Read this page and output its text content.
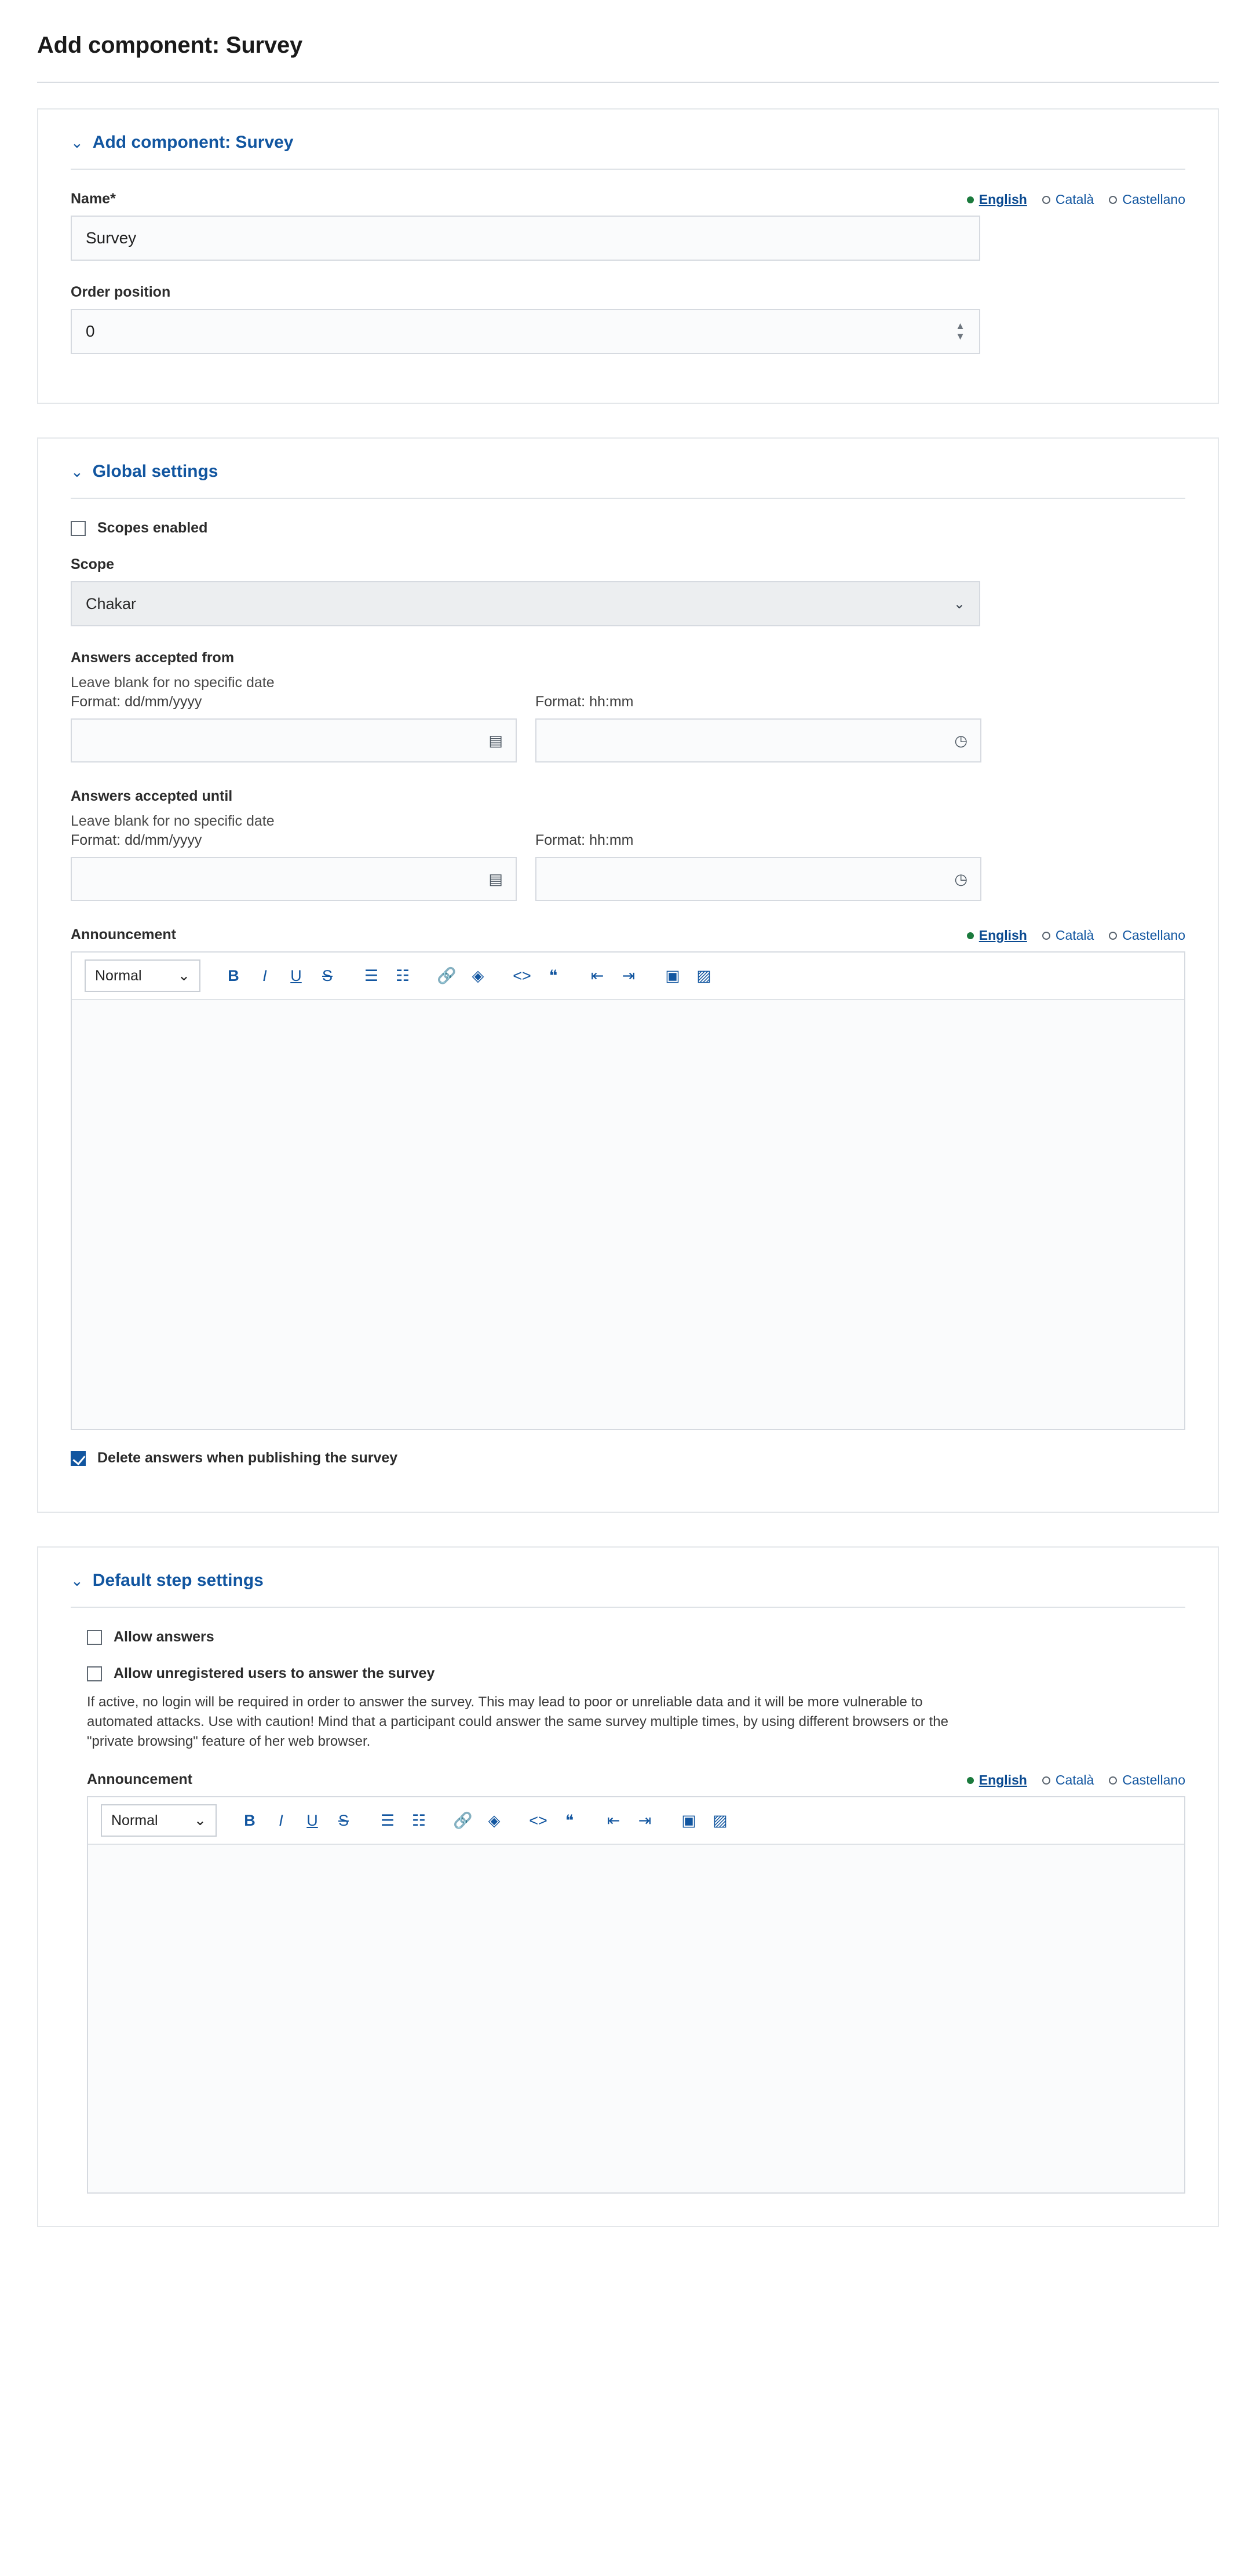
Add component: Survey
⌄ Add component: Survey
Name*	English Català Castellano
Survey
Order position
0	▲
▼
⌄ Global settings
Scopes enabled
Scope
Chakar	⌄
Answers accepted from

Leave blank for no specific date

Format: dd/mm/yyyy
▤
Format: hh:mm
◷
Answers accepted until

Leave blank for no specific date

Format: dd/mm/yyyy
▤
Format: hh:mm
◷
Announcement	English Català Castellano
Normal ⌄	B	I	U	S	☰	☷	🔗 ◈	<>	❝	⇤	⇥	▣	▨
Delete answers when publishing the survey
⌄ Default step settings
Allow answers
Allow unregistered users to answer the survey

If active, no login will be required in order to answer the survey. This may lead to poor or unreliable data and it will be more vulnerable to automated attacks. Use with caution! Mind that a participant could answer the same survey multiple times, by using different browsers or the "private browsing" feature of her web browser.

Announcement	English Català Castellano
Normal ⌄	B	I	U	S	☰	☷	🔗 ◈	<>	❝	⇤	⇥	▣	▨
